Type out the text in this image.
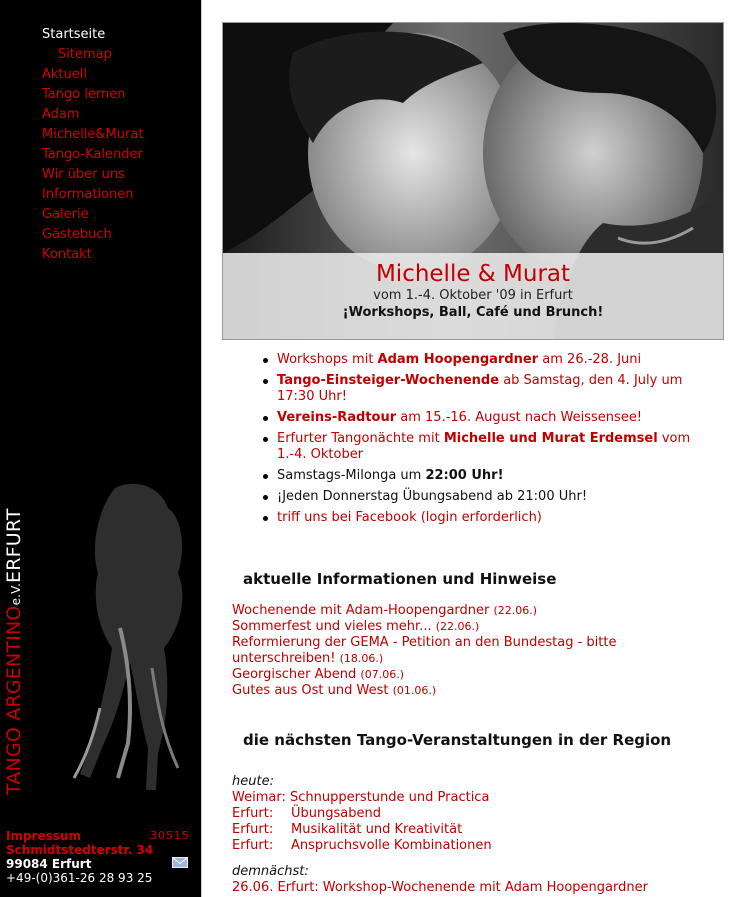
Startseite
Sitemap
Aktuell
Tango lernen
Adam
Michelle&Murat
Tango-Kalender
Wir über uns
Informationen
Galerie
Gästebuch
Kontakt
TANGO ARGENTINOe.V.ERFURT
Impressum
Schmidtstedterstr. 34
99084 Erfurt
+49-(0)361-26 28 93 25
30515
Michelle & Murat
vom 1.-4. Oktober '09 in Erfurt
¡Workshops, Ball, Café und Brunch!
Workshops mit Adam Hoopengardner am 26.-28. Juni
Tango-Einsteiger-Wochenende ab Samstag, den 4. July um 17:30 Uhr!
Vereins-Radtour am 15.-16. August nach Weissensee!
Erfurter Tangonächte mit Michelle und Murat Erdemsel vom 1.-4. Oktober
Samstags-Milonga um 22:00 Uhr!
¡Jeden Donnerstag Übungsabend ab 21:00 Uhr!
triff uns bei Facebook (login erforderlich)
aktuelle Informationen und Hinweise
Wochenende mit Adam-Hoopengardner (22.06.)
Sommerfest und vieles mehr... (22.06.)
Reformierung der GEMA - Petition an den Bundestag - bitte unterschreiben! (18.06.)
Georgischer Abend (07.06.)
Gutes aus Ost und West (01.06.)
die nächsten Tango-Veranstaltungen in der Region
heute:
Weimar: Schnupperstunde und Practica
Erfurt: Übungsabend
Erfurt: Musikalität und Kreativität
Erfurt: Anspruchsvolle Kombinationen
demnächst:
26.06. Erfurt: Workshop-Wochenende mit Adam Hoopengardner
